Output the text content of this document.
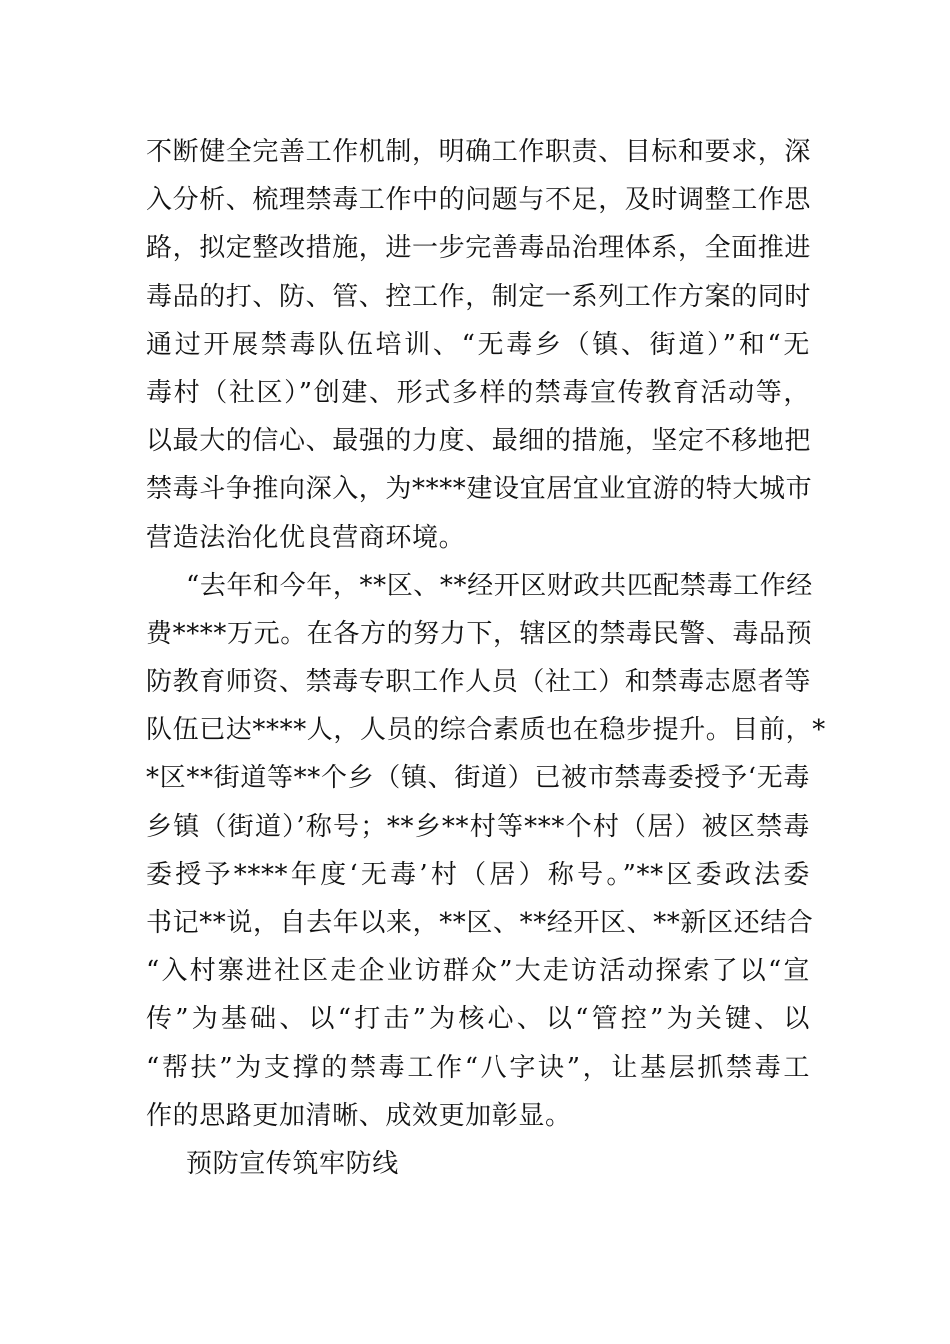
不断健全完善工作机制，明确工作职责、目标和要求，深
入分析、梳理禁毒工作中的问题与不足，及时调整工作思
路，拟定整改措施，进一步完善毒品治理体系，全面推进
毒品的打、防、管、控工作，制定一系列工作方案的同时
通过开展禁毒队伍培训、“无毒乡（镇、街道）”和“无
毒村（社区）”创建、形式多样的禁毒宣传教育活动等，
以最大的信心、最强的力度、最细的措施，坚定不移地把
禁毒斗争推向深入，为****建设宜居宜业宜游的特大城市
营造法治化优良营商环境。
“去年和今年，**区、**经开区财政共匹配禁毒工作经
费****万元。在各方的努力下，辖区的禁毒民警、毒品预
防教育师资、禁毒专职工作人员（社工）和禁毒志愿者等
队伍已达****人，人员的综合素质也在稳步提升。目前，*
*区**街道等**个乡（镇、街道）已被市禁毒委授予‘无毒
乡镇（街道）’称号；**乡**村等***个村（居）被区禁毒
委授予****年度‘无毒’村（居）称号。”**区委政法委
书记**说，自去年以来，**区、**经开区、**新区还结合
“入村寨进社区走企业访群众”大走访活动探索了以“宣
传”为基础、以“打击”为核心、以“管控”为关键、以
“帮扶”为支撑的禁毒工作“八字诀”，让基层抓禁毒工
作的思路更加清晰、成效更加彰显。
预防宣传筑牢防线
